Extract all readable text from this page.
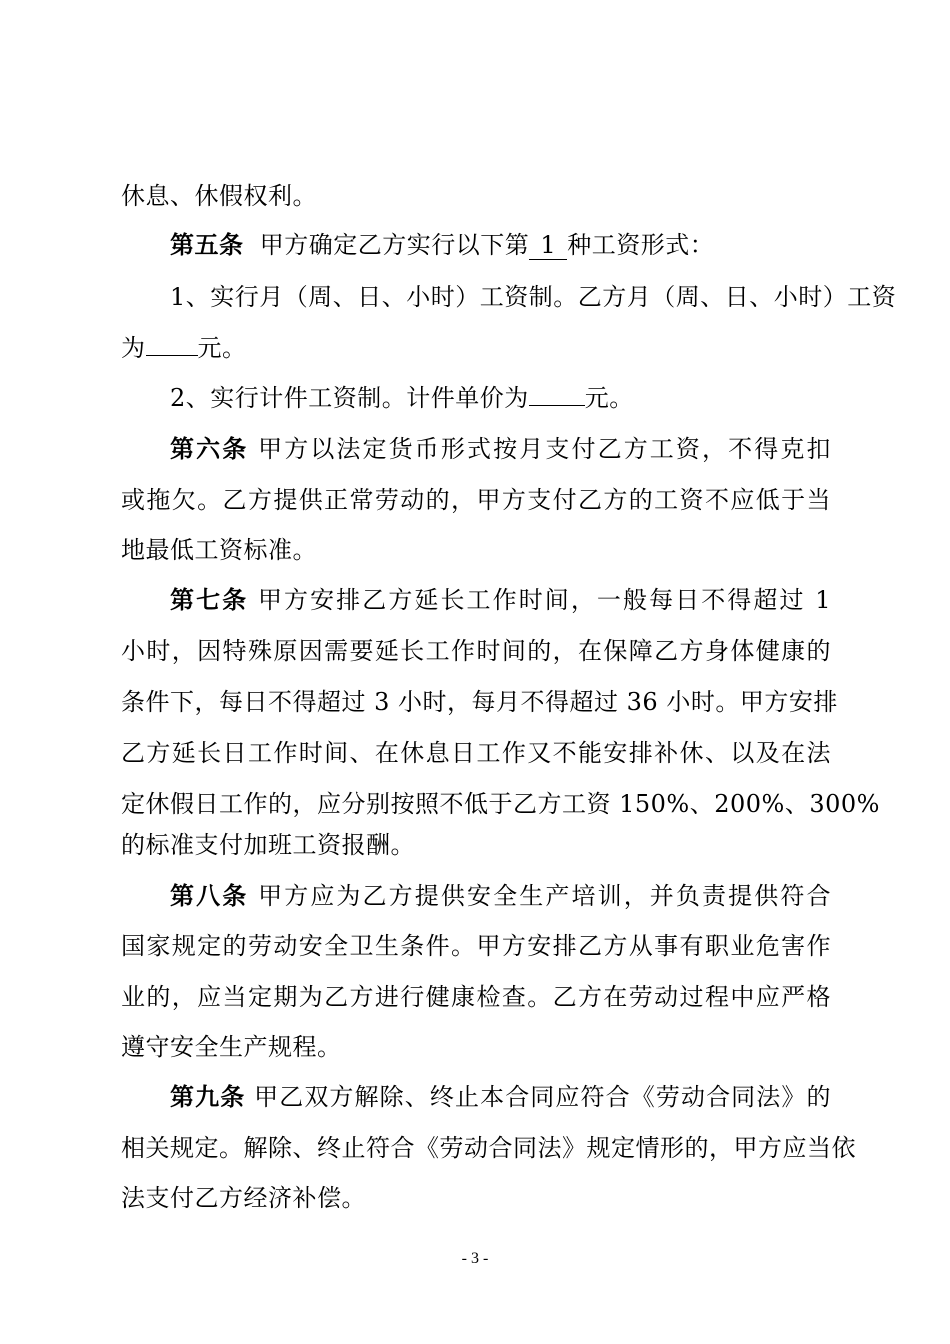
休息、休假权利。
第五条 甲方确定乙方实行以下第 1 种工资形式：
1、实行月（周、日、小时）工资制。乙方月（周、日、小时）工资
为 元。
2、实行计件工资制。计件单价为 元。
第六条 甲方以法定货币形式按月支付乙方工资，不得克扣
或拖欠。乙方提供正常劳动的，甲方支付乙方的工资不应低于当
地最低工资标准。
第七条 甲方安排乙方延长工作时间，一般每日不得超过 1
小时，因特殊原因需要延长工作时间的，在保障乙方身体健康的
条件下，每日不得超过 3 小时，每月不得超过 36 小时。甲方安排
乙方延长日工作时间、在休息日工作又不能安排补休、以及在法
定休假日工作的，应分别按照不低于乙方工资 150%、200%、300%
的标准支付加班工资报酬。
第八条 甲方应为乙方提供安全生产培训，并负责提供符合
国家规定的劳动安全卫生条件。甲方安排乙方从事有职业危害作
业的，应当定期为乙方进行健康检查。乙方在劳动过程中应严格
遵守安全生产规程。
第九条 甲乙双方解除、终止本合同应符合《劳动合同法》的
相关规定。解除、终止符合《劳动合同法》规定情形的，甲方应当依
法支付乙方经济补偿。
- 3 -
